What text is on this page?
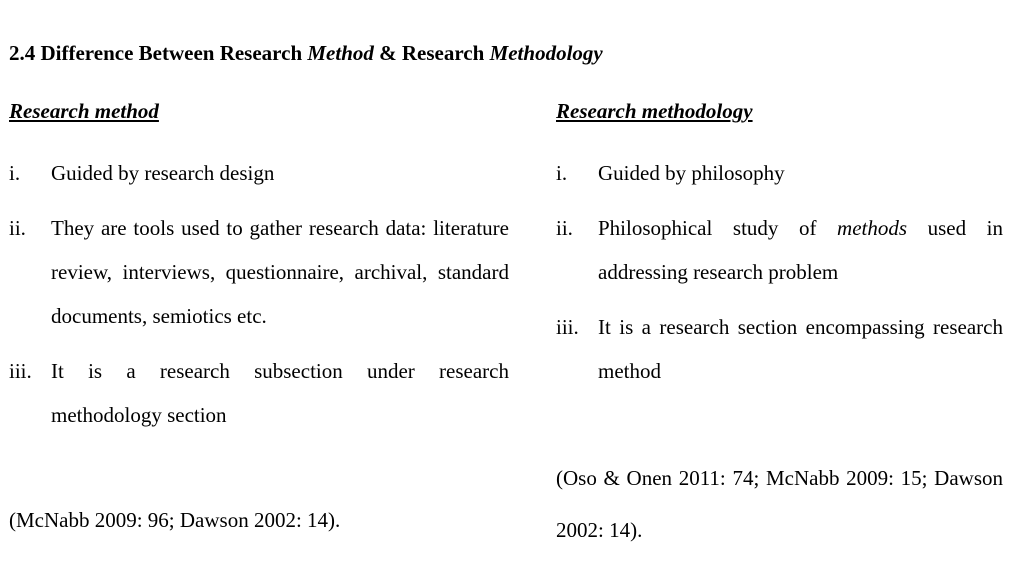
2.4 Difference Between Research Method & Research Methodology
Research method
i.	Guided by research design
ii.	They are tools used to gather research data: literature review, interviews, questionnaire, archival, standard documents, semiotics etc.
iii. It is a research subsection under research methodology section
Research methodology
i.	Guided by philosophy
ii.	Philosophical study of methods used in addressing research problem
iii. It is a research section encompassing research method
(McNabb 2009: 96; Dawson 2002: 14).
(Oso & Onen 2011: 74; McNabb 2009: 15; Dawson 2002: 14).
